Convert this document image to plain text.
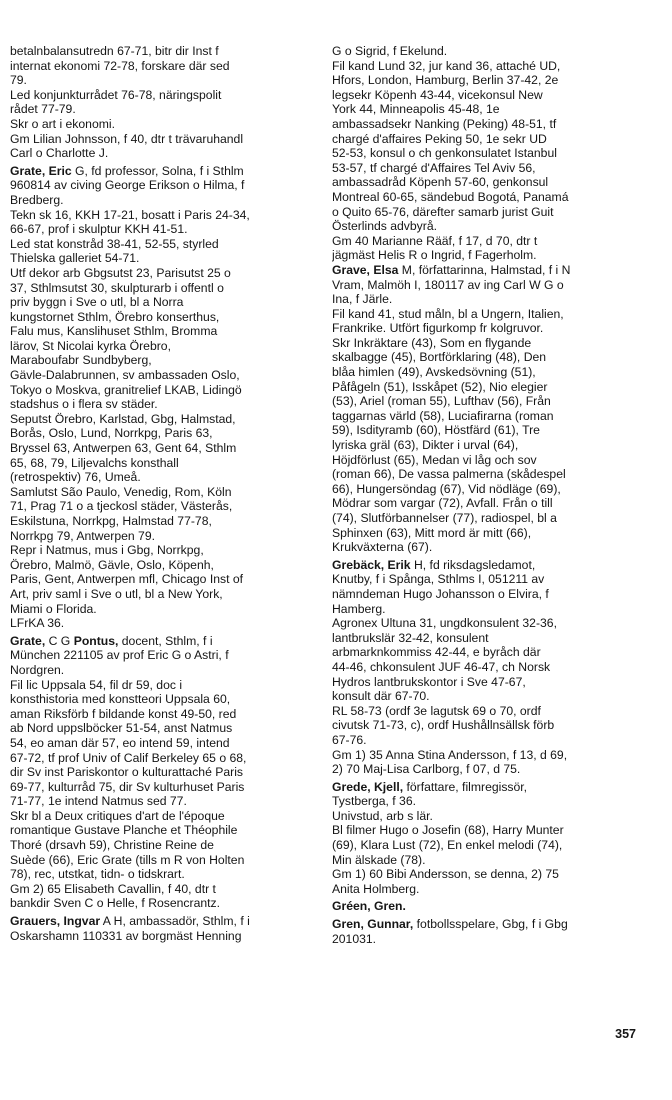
betalnbalansutredn 67-71, bitr dir Inst f
internat ekonomi 72-78, forskare där sed
79.
Led konjunkturrådet 76-78, näringspolit
rådet 77-79.
Skr o art i ekonomi.
Gm Lilian Johnsson, f 40, dtr t trävaruhandl
Carl o Charlotte J.
Grate, Eric G, fd professor, Solna, f i Sthlm
960814 av civing George Erikson o Hilma, f
Bredberg.
Tekn sk 16, KKH 17-21, bosatt i Paris 24-34,
66-67, prof i skulptur KKH 41-51.
Led stat konstråd 38-41, 52-55, styrled
Thielska galleriet 54-71.
Utf dekor arb Gbgsutst 23, Parisutst 25 o
37, Sthlmsutst 30, skulpturarb i offentl o
priv byggn i Sve o utl, bl a Norra
kungstornet Sthlm, Örebro konserthus,
Falu mus, Kanslihuset Sthlm, Bromma
lärov, St Nicolai kyrka Örebro,
Maraboufabr Sundbyberg,
Gävle-Dalabrunnen, sv ambassaden Oslo,
Tokyo o Moskva, granitrelief LKAB, Lidingö
stadshus o i flera sv städer.
Seputst Örebro, Karlstad, Gbg, Halmstad,
Borås, Oslo, Lund, Norrkpg, Paris 63,
Bryssel 63, Antwerpen 63, Gent 64, Sthlm
65, 68, 79, Liljevalchs konsthall
(retrospektiv) 76, Umeå.
Samlutst São Paulo, Venedig, Rom, Köln
71, Prag 71 o a tjeckosl städer, Västerås,
Eskilstuna, Norrkpg, Halmstad 77-78,
Norrkpg 79, Antwerpen 79.
Repr i Natmus, mus i Gbg, Norrkpg,
Örebro, Malmö, Gävle, Oslo, Köpenh,
Paris, Gent, Antwerpen mfl, Chicago Inst of
Art, priv saml i Sve o utl, bl a New York,
Miami o Florida.
LFrKA 36.
Grate, C G Pontus, docent, Sthlm, f i
München 221105 av prof Eric G o Astri, f
Nordgren.
Fil lic Uppsala 54, fil dr 59, doc i
konsthistoria med konstteori Uppsala 60,
aman Riksförb f bildande konst 49-50, red
ab Nord uppslböcker 51-54, anst Natmus
54, eo aman där 57, eo intend 59, intend
67-72, tf prof Univ of Calif Berkeley 65 o 68,
dir Sv inst Pariskontor o kulturattaché Paris
69-77, kulturråd 75, dir Sv kulturhuset Paris
71-77, 1e intend Natmus sed 77.
Skr bl a Deux critiques d'art de l'époque
romantique Gustave Planche et Théophile
Thoré (drsavh 59), Christine Reine de
Suède (66), Eric Grate (tills m R von Holten
78), rec, utstkat, tidn- o tidskrart.
Gm 2) 65 Elisabeth Cavallin, f 40, dtr t
bankdir Sven C o Helle, f Rosencrantz.
Grauers, Ingvar A H, ambassadör, Sthlm, f i
Oskarshamn 110331 av borgmäst Henning
G o Sigrid, f Ekelund.
Fil kand Lund 32, jur kand 36, attaché UD,
Hfors, London, Hamburg, Berlin 37-42, 2e
legsekr Köpenh 43-44, vicekonsul New
York 44, Minneapolis 45-48, 1e
ambassadsekr Nanking (Peking) 48-51, tf
chargé d'affaires Peking 50, 1e sekr UD
52-53, konsul o ch genkonsulatet Istanbul
53-57, tf chargé d'Affaires Tel Aviv 56,
ambassadråd Köpenh 57-60, genkonsul
Montreal 60-65, sändebud Bogotá, Panamá
o Quito 65-76, därefter samarb jurist Guit
Österlinds advbyrå.
Gm 40 Marianne Rääf, f 17, d 70, dtr t
jägmäst Helis R o Ingrid, f Fagerholm.
Grave, Elsa M, författarinna, Halmstad, f i N
Vram, Malmöh I, 180117 av ing Carl W G o
Ina, f Järle.
Fil kand 41, stud måln, bl a Ungern, Italien,
Frankrike. Utfört figurkomp fr kolgruvor.
Skr Inkräktare (43), Som en flygande
skalbagge (45), Bortförklaring (48), Den
blåa himlen (49), Avskedsövning (51),
Påfågeln (51), Isskåpet (52), Nio elegier
(53), Ariel (roman 55), Lufthav (56), Från
taggarnas värld (58), Luciafirarna (roman
59), Isdityramb (60), Höstfärd (61), Tre
lyriska gräl (63), Dikter i urval (64),
Höjdförlust (65), Medan vi låg och sov
(roman 66), De vassa palmerna (skådespel
66), Hungersöndag (67), Vid nödläge (69),
Mödrar som vargar (72), Avfall. Från o till
(74), Slutförbannelser (77), radiospel, bl a
Sphinxen (63), Mitt mord är mitt (66),
Krukväxterna (67).
Grebäck, Erik H, fd riksdagsledamot,
Knutby, f i Spånga, Sthlms I, 051211 av
nämndeman Hugo Johansson o Elvira, f
Hamberg.
Agronex Ultuna 31, ungdkonsulent 32-36,
lantbrukslär 32-42, konsulent
arbmarknkommiss 42-44, e byråch där
44-46, chkonsulent JUF 46-47, ch Norsk
Hydros lantbrukskontor i Sve 47-67,
konsult där 67-70.
RL 58-73 (ordf 3e lagutsk 69 o 70, ordf
civutsk 71-73, c), ordf Hushållnsällsk förb
67-76.
Gm 1) 35 Anna Stina Andersson, f 13, d 69,
2) 70 Maj-Lisa Carlborg, f 07, d 75.
Grede, Kjell, författare, filmregissör,
Tystberga, f 36.
Univstud, arb s lär.
Bl filmer Hugo o Josefin (68), Harry Munter
(69), Klara Lust (72), En enkel melodi (74),
Min älskade (78).
Gm 1) 60 Bibi Andersson, se denna, 2) 75
Anita Holmberg.
Gréen, Gren.
Gren, Gunnar, fotbollsspelare, Gbg, f i Gbg
201031.
357
